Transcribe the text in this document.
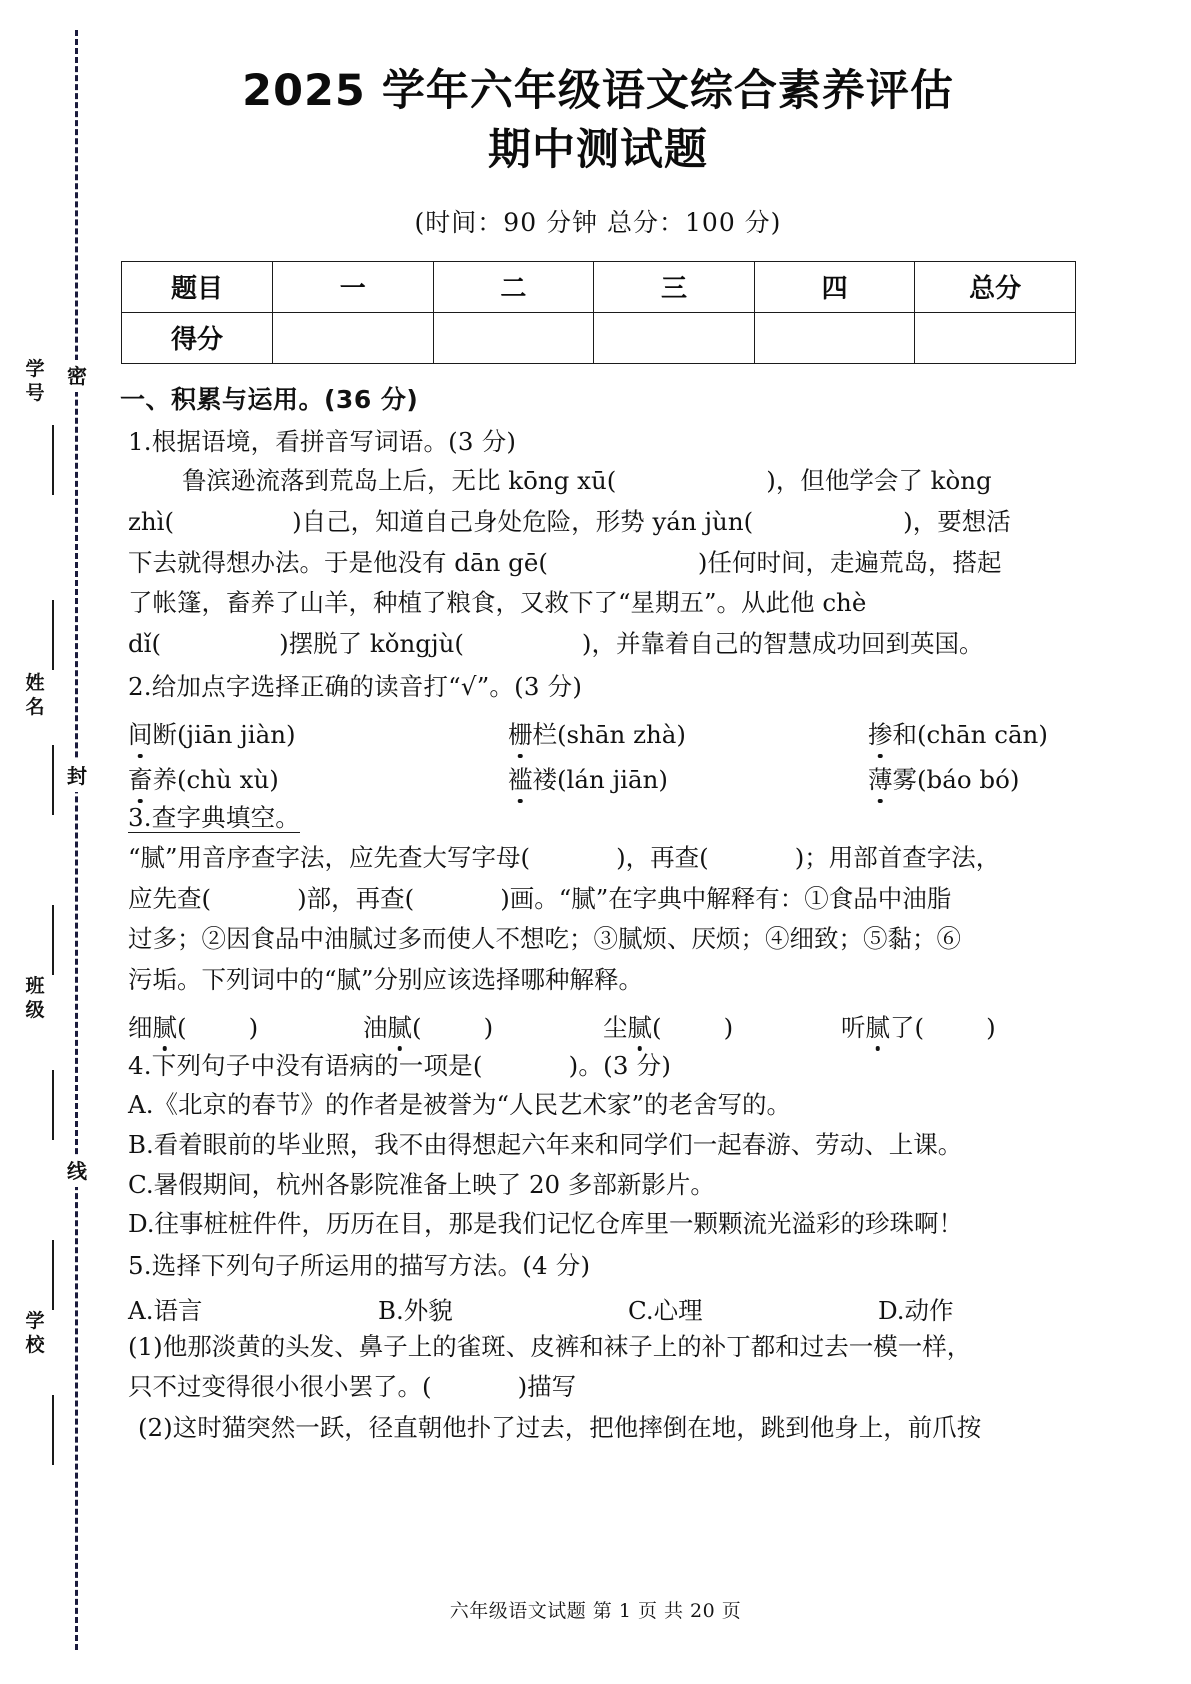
密
封
线
学
号
姓
名
班
级
学
校
2025 学年六年级语文综合素养评估
期中测试题
(时间：90 分钟 总分：100 分)
题目	一	二	三	四	总分
得分					
一、积累与运用。(36 分)
1.根据语境，看拼音写词语。(3 分)
鲁滨逊流落到荒岛上后，无比 kōng xū(	)，但他学会了 kòng
zhì(	)自己，知道自己身处危险，形势 yán jùn(	)，要想活
下去就得想办法。于是他没有 dān gē(	)任何时间，走遍荒岛，搭起
了帐篷，畜养了山羊，种植了粮食，又救下了“星期五”。从此他 chè
dǐ(	)摆脱了 kǒngjù(	)，并靠着自己的智慧成功回到英国。
2.给加点字选择正确的读音打“√”。(3 分)
间断(jiān jiàn)	栅栏(shān zhà)	掺和(chān cān)
畜养(chù xù)	褴褛(lán jiān)	薄雾(báo bó)
3.查字典填空。
“腻”用音序查字法，应先查大写字母(	)，再查(	)；用部首查字法，
应先查(	)部，再查(	)画。“腻”在字典中解释有：①食品中油脂
过多；②因食品中油腻过多而使人不想吃；③腻烦、厌烦；④细致；⑤黏；⑥
污垢。下列词中的“腻”分别应该选择哪种解释。
细腻(	)	油腻(	)	尘腻(	)	听腻了(	)
4.下列句子中没有语病的一项是(	)。(3 分)
A.《北京的春节》的作者是被誉为“人民艺术家”的老舍写的。
B.看着眼前的毕业照，我不由得想起六年来和同学们一起春游、劳动、上课。
C.暑假期间，杭州各影院准备上映了 20 多部新影片。
D.往事桩桩件件，历历在目，那是我们记忆仓库里一颗颗流光溢彩的珍珠啊！
5.选择下列句子所运用的描写方法。(4 分)
A.语言	B.外貌	C.心理	D.动作
(1)他那淡黄的头发、鼻子上的雀斑、皮裤和袜子上的补丁都和过去一模一样，
只不过变得很小很小罢了。(	)描写
(2)这时猫突然一跃，径直朝他扑了过去，把他摔倒在地，跳到他身上，前爪按
六年级语文试题 第 1 页 共 20 页
